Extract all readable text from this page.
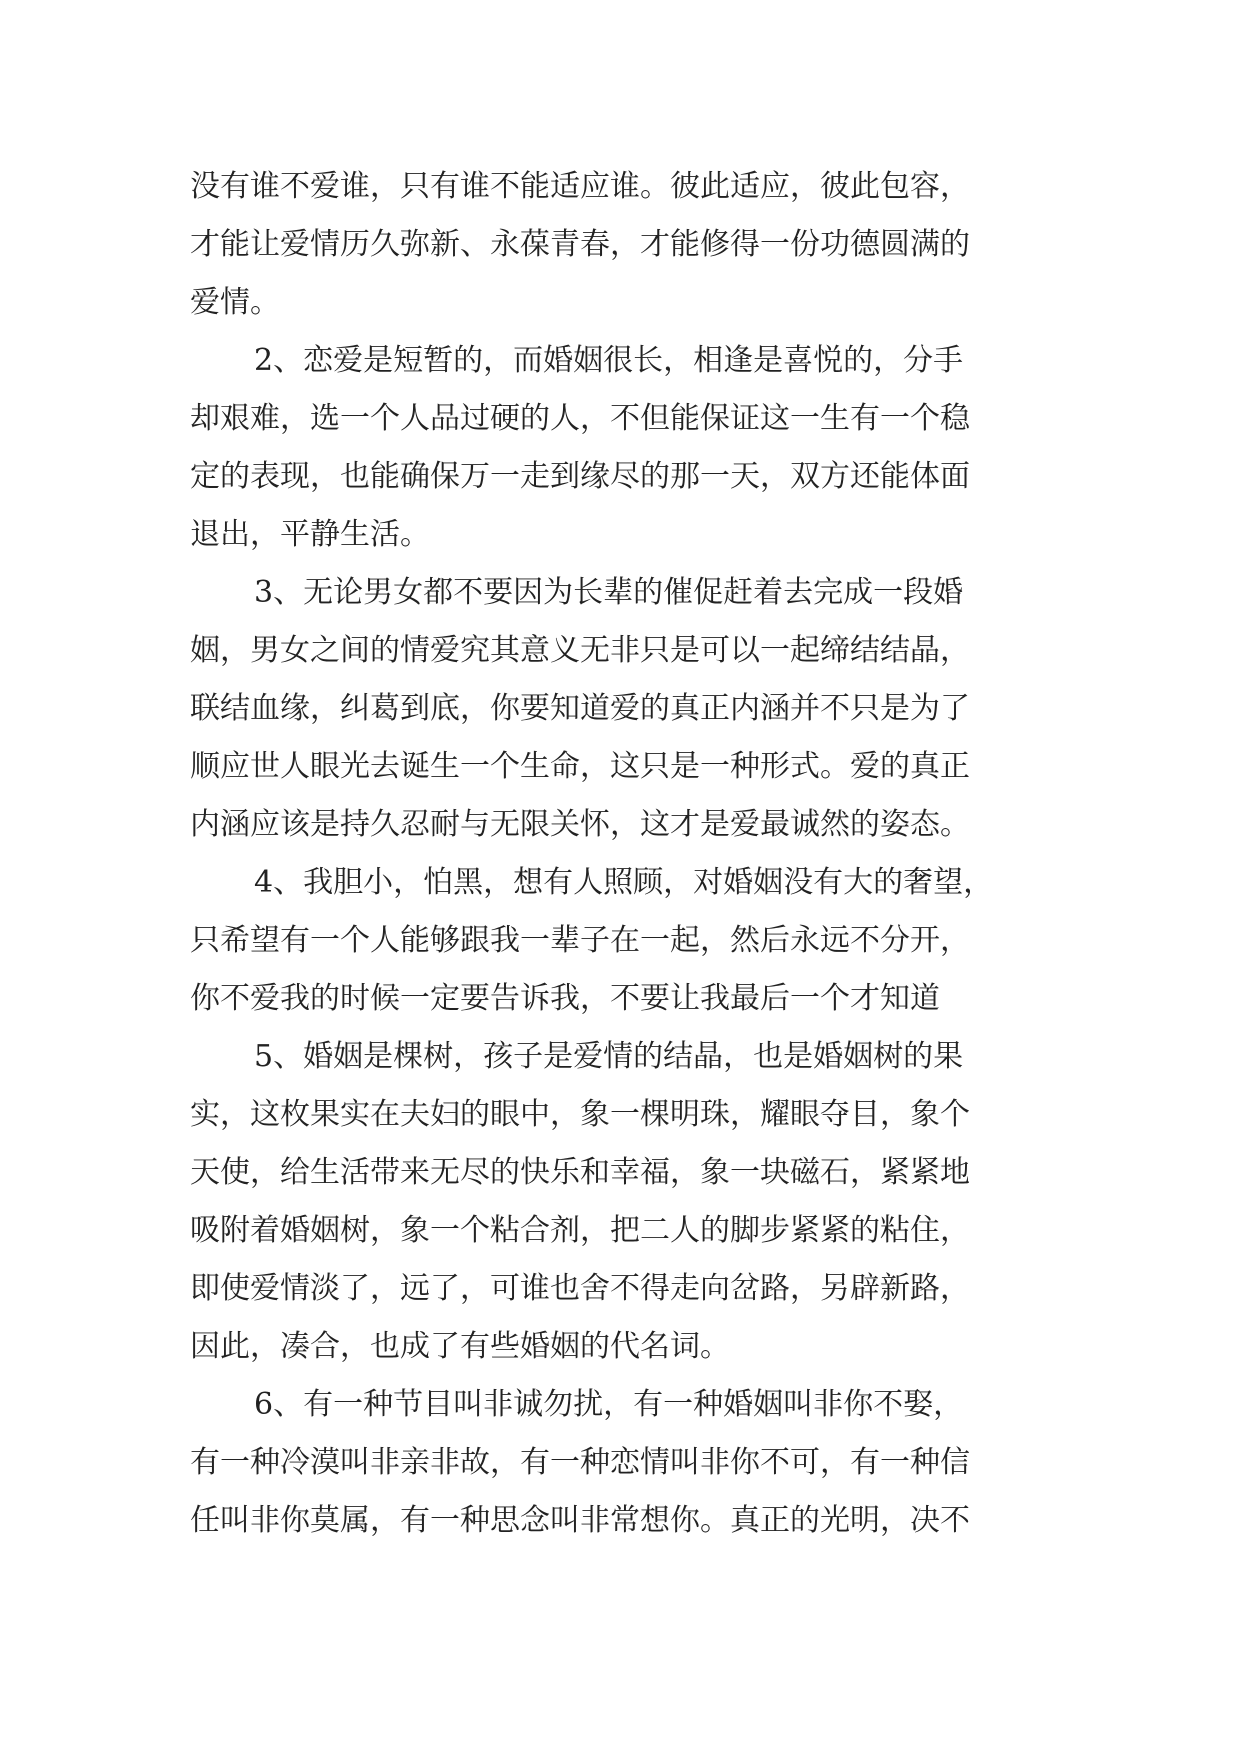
没有谁不爱谁，只有谁不能适应谁。彼此适应，彼此包容，
才能让爱情历久弥新、永葆青春，才能修得一份功德圆满的
爱情。
2、恋爱是短暂的，而婚姻很长，相逢是喜悦的，分手
却艰难，选一个人品过硬的人，不但能保证这一生有一个稳
定的表现，也能确保万一走到缘尽的那一天，双方还能体面
退出，平静生活。
3、无论男女都不要因为长辈的催促赶着去完成一段婚
姻，男女之间的情爱究其意义无非只是可以一起缔结结晶，
联结血缘，纠葛到底，你要知道爱的真正内涵并不只是为了
顺应世人眼光去诞生一个生命，这只是一种形式。爱的真正
内涵应该是持久忍耐与无限关怀，这才是爱最诚然的姿态。
4、我胆小，怕黑，想有人照顾，对婚姻没有大的奢望，
只希望有一个人能够跟我一辈子在一起，然后永远不分开，
你不爱我的时候一定要告诉我，不要让我最后一个才知道
5、婚姻是棵树，孩子是爱情的结晶，也是婚姻树的果
实，这枚果实在夫妇的眼中，象一棵明珠，耀眼夺目，象个
天使，给生活带来无尽的快乐和幸福，象一块磁石，紧紧地
吸附着婚姻树，象一个粘合剂，把二人的脚步紧紧的粘住，
即使爱情淡了，远了，可谁也舍不得走向岔路，另辟新路，
因此，凑合，也成了有些婚姻的代名词。
6、有一种节目叫非诚勿扰，有一种婚姻叫非你不娶，
有一种冷漠叫非亲非故，有一种恋情叫非你不可，有一种信
任叫非你莫属，有一种思念叫非常想你。真正的光明，决不
